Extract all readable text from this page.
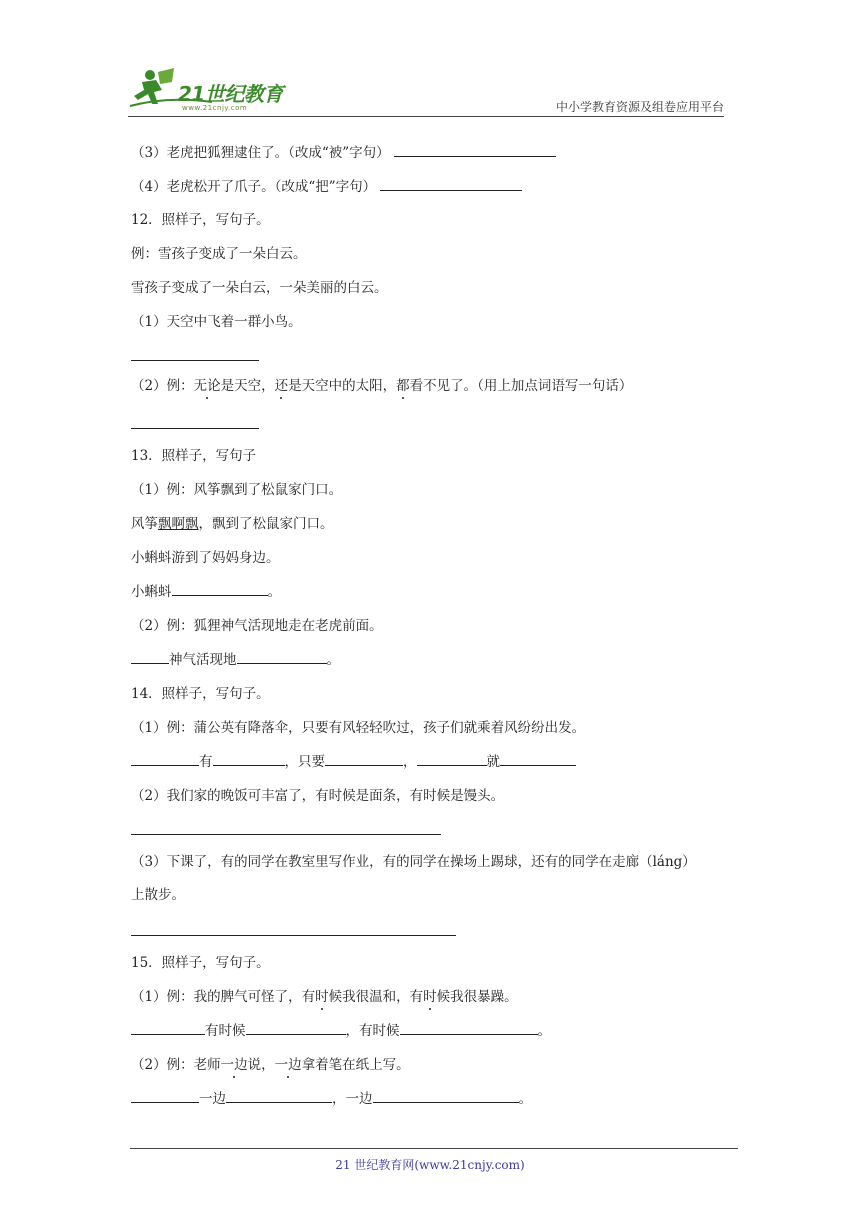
21世纪教育
www.21cnjy.com	中小学教育资源及组卷应用平台
（3）老虎把狐狸逮住了。（改成“被”字句）
（4）老虎松开了爪子。（改成“把”字句）
12．照样子，写句子。
例：雪孩子变成了一朵白云。
雪孩子变成了一朵白云，一朵美丽的白云。
（1）天空中飞着一群小鸟。
（2）例：无论是天空，还是天空中的太阳，都看不见了。（用上加点词语写一句话）
13．照样子，写句子
（1）例：风筝飘到了松鼠家门口。
风筝飘啊飘，飘到了松鼠家门口。
小蝌蚪游到了妈妈身边。
小蝌蚪	。
（2）例：狐狸神气活现地走在老虎前面。
神气活现地	。
14．照样子，写句子。
（1）例：蒲公英有降落伞，只要有风轻轻吹过，孩子们就乘着风纷纷出发。
有	，只要	，	就
（2）我们家的晚饭可丰富了，有时候是面条，有时候是馒头。
（3）下课了，有的同学在教室里写作业，有的同学在操场上踢球，还有的同学在走廊（láng）
上散步。
15．照样子，写句子。
（1）例：我的脾气可怪了，有时候我很温和，有时候我很暴躁。
有时候	，有时候	。
（2）例：老师一边说，一边拿着笔在纸上写。
一边	，一边	。
21 世纪教育网(www.21cnjy.com)
